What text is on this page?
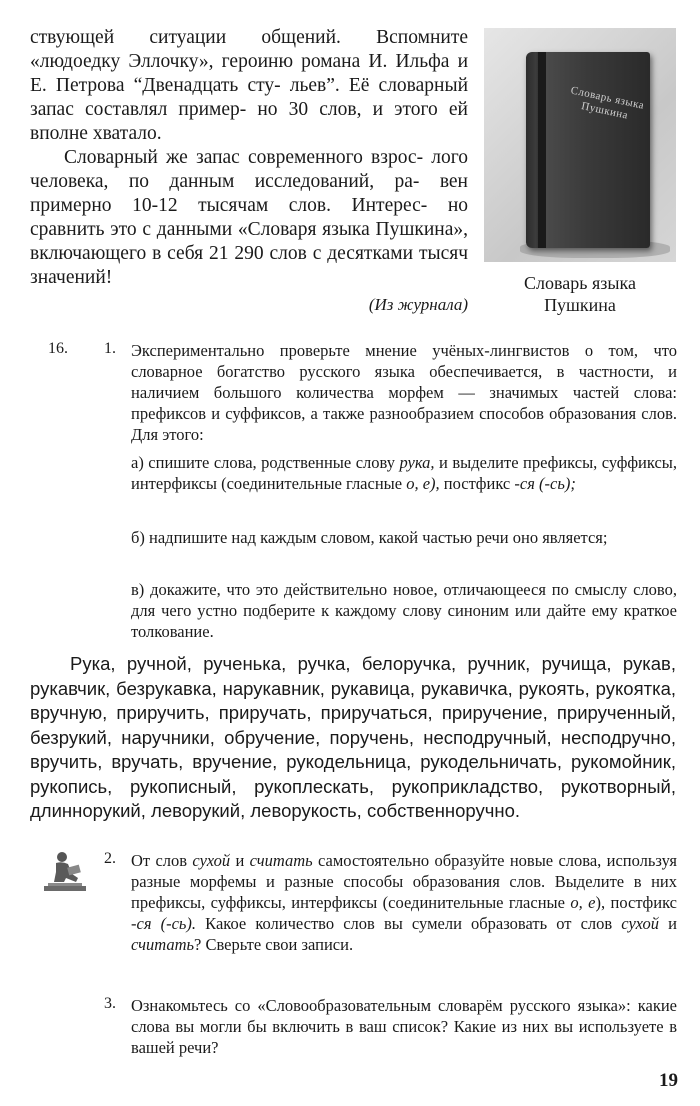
ствующей ситуации общений. Вспомните «людоедку Эллочку», героиню романа И. Ильфа и Е. Петрова “Двенадцать сту- льев”. Её словарный запас составлял пример- но 30 слов, и этого ей вполне хватало.

Словарный же запас современного взрос- лого человека, по данным исследований, ра- вен примерно 10-12 тысячам слов. Интерес- но сравнить это с данными «Словаря языка Пушкина», включающего в себя 21 290 слов с десятками тысяч значений!

(Из журнала)
Словарь языка Пушкина
Словарь языка
Пушкина
16. 1. Экспериментально проверьте мнение учёных-лингвистов о том, что словарное богатство русского языка обеспечивается, в частности, и наличием большого количества морфем — значимых частей слова: префиксов и суффиксов, а также разнообразием способов образования слов. Для этого:
а) спишите слова, родственные слову рука, и выделите префиксы, суффиксы, интерфиксы (соединительные гласные о, е), постфикс -ся (-сь);
б) надпишите над каждым словом, какой частью речи оно является;
в) докажите, что это действительно новое, отличающееся по смыслу слово, для чего устно подберите к каждому слову синоним или дайте ему краткое толкование.

Рука, ручной, рученька, ручка, белоручка, ручник, ручища, рукав, рукавчик, безрукавка, нарукавник, рукавица, рукавичка, рукоять, рукоятка, вручную, приручить, приручать, приручаться, приручение, прирученный, безрукий, наручники, обручение, поручень, несподручный, несподручно, вручить, вручать, вручение, рукодельница, рукодельничать, рукомойник, рукопись, рукописный, рукоплескать, рукоприкладство, рукотворный, длиннорукий, леворукий, леворукость, собственноручно.

2. От слов сухой и считать самостоятельно образуйте новые слова, используя разные морфемы и разные способы образования слов. Выделите в них префиксы, суффиксы, интерфиксы (соединительные гласные о, е), постфикс -ся (-сь). Какое количество слов вы сумели образовать от слов сухой и считать? Сверьте свои записи.
3. Ознакомьтесь со «Словообразовательным словарём русского языка»: какие слова вы могли бы включить в ваш список? Какие из них вы используете в вашей речи?
19
